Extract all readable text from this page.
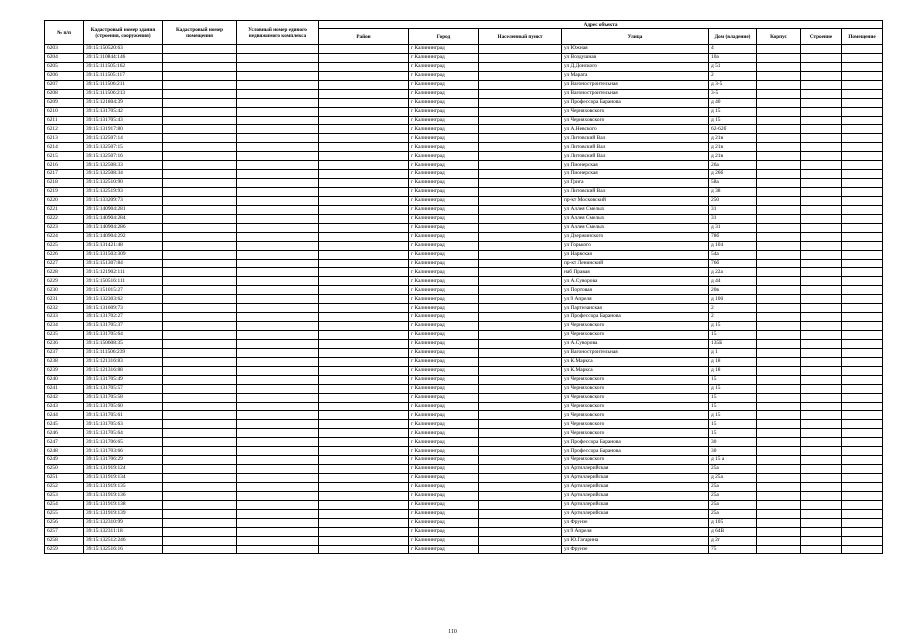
№ п/п	Кадастровый номер здания (строения, сооружения)	Кадастровый номер помещения	Условный номер единого недвижимого комплекса	Адрес объекта							
				Район	Город	Населенный пункт	Улица	Дом (владение)	Корпус	Строение	Помещение
6203	39:15:150520:63				г Калининград		ул Южная	4			
6204	39:15:110844:146				г Калининград		ул Воздушная	10а			
6205	39:15:111505:162				г Калининград		ул Д.Донского	д 51			
6206	39:15:111505:117				г Калининград		ул Марата	2			
6207	39:15:111506:211				г Калининград		ул Вагоностроительная	д 3-5			
6208	39:15:111506:213				г Калининград		ул Вагоностроительная	3-5			
6209	39:15:121804:39				г Калининград		ул Профессора Баранова	д 40			
6210	39:15:131705:42				г Калининград		ул Черняховского	д 15			
6211	39:15:131705:43				г Калининград		ул Черняховского	д 15			
6212	39:15:131917:80				г Калининград		ул А.Невского	62-62б			
6213	39:15:132507:14				г Калининград		ул Литовский Вал	д 21в			
6214	39:15:132507:15				г Калининград		ул Литовский Вал	д 21в			
6215	39:15:132507:16				г Калининград		ул Литовский Вал	д 21в			
6216	39:15:132508:33				г Калининград		ул Пионерская	26а			
6217	39:15:132508:34				г Калининград		ул Пионерская	д 26б			
6218	39:15:132510:90				г Калининград		ул Грига	58а			
6219	39:15:132519:93				г Калининград		ул Литовский Вал	д 38			
6220	39:15:133209:73				г Калининград		пр-кт Московский	250			
6221	39:15:140904:281				г Калининград		ул Аллея Смелых	31			
6222	39:15:140904:284				г Калининград		ул Аллея Смелых	31			
6223	39:15:140904:286				г Калининград		ул Аллея Смелых	д 31			
6224	39:15:140904:292				г Калининград		ул Дзержинского	78б			
6225	39:15:131421:48				г Калининград		ул Горького	д 104			
6226	39:15:131503:309				г Калининград		ул Нарвская	54а			
6227	39:15:151307:84				г Калининград		пр-кт Ленинский	76б			
6228	39:15:121902:111				г Калининград		наб Правая	д 22а			
6229	39:15:150516:111				г Калининград		ул А.Суворова	д 44			
6230	39:15:151015:27				г Калининград		ул Портовая	20в			
6231	39:15:132303:62				г Калининград		ул 9 Апреля	д 100			
6232	39:15:131609:73				г Калининград		ул Партизанская	2			
6233	39:15:131702:27				г Калининград		ул Профессора Баранова	2			
6234	39:15:131705:37				г Калининград		ул Черняховского	д 15			
6235	39:15:131705:64				г Калининград		ул Черняховского	15			
6236	39:15:150608:35				г Калининград		ул А.Суворова	135Б			
6237	39:15:111506:239				г Калининград		ул Вагоностроительная	д 1			
6238	39:15:121316:83				г Калининград		ул К.Маркса	д 18			
6239	39:15:121316:88				г Калининград		ул К.Маркса	д 18			
6240	39:15:131705:49				г Калининград		ул Черняховского	15			
6241	39:15:131705:57				г Калининград		ул Черняховского	д 15			
6242	39:15:131705:58				г Калининград		ул Черняховского	15			
6243	39:15:131705:60				г Калининград		ул Черняховского	15			
6244	39:15:131705:61				г Калининград		ул Черняховского	д 15			
6245	39:15:131705:63				г Калининград		ул Черняховского	15			
6246	39:15:131705:64				г Калининград		ул Черняховского	15			
6247	39:15:131706:65				г Калининград		ул Профессора Баранова	30			
6248	39:15:131703:66				г Калининград		ул Профессора Баранова	30			
6249	39:15:131706:29				г Калининград		ул Черняховского	д 15 а			
6250	39:15:131919:124				г Калининград		ул Артиллерийская	25а			
6251	39:15:131919:134				г Калининград		ул Артиллерийская	д 25а			
6252	39:15:131919:135				г Калининград		ул Артиллерийская	25а			
6253	39:15:131919:136				г Калининград		ул Артиллерийская	25а			
6254	39:15:131919:138				г Калининград		ул Артиллерийская	25а			
6255	39:15:131919:139				г Калининград		ул Артиллерийская	25а			
6256	39:15:132310:99				г Калининград		ул Фрунзе	д 105			
6257	39:15:132311:18				г Калининград		ул 9 Апреля	д 64В			
6258	39:15:132512:246				г Калининград		ул Ю.Гагарина	д 2г			
6259	39:15:132516:16				г Калининград		ул Фрунзе	75			
110
